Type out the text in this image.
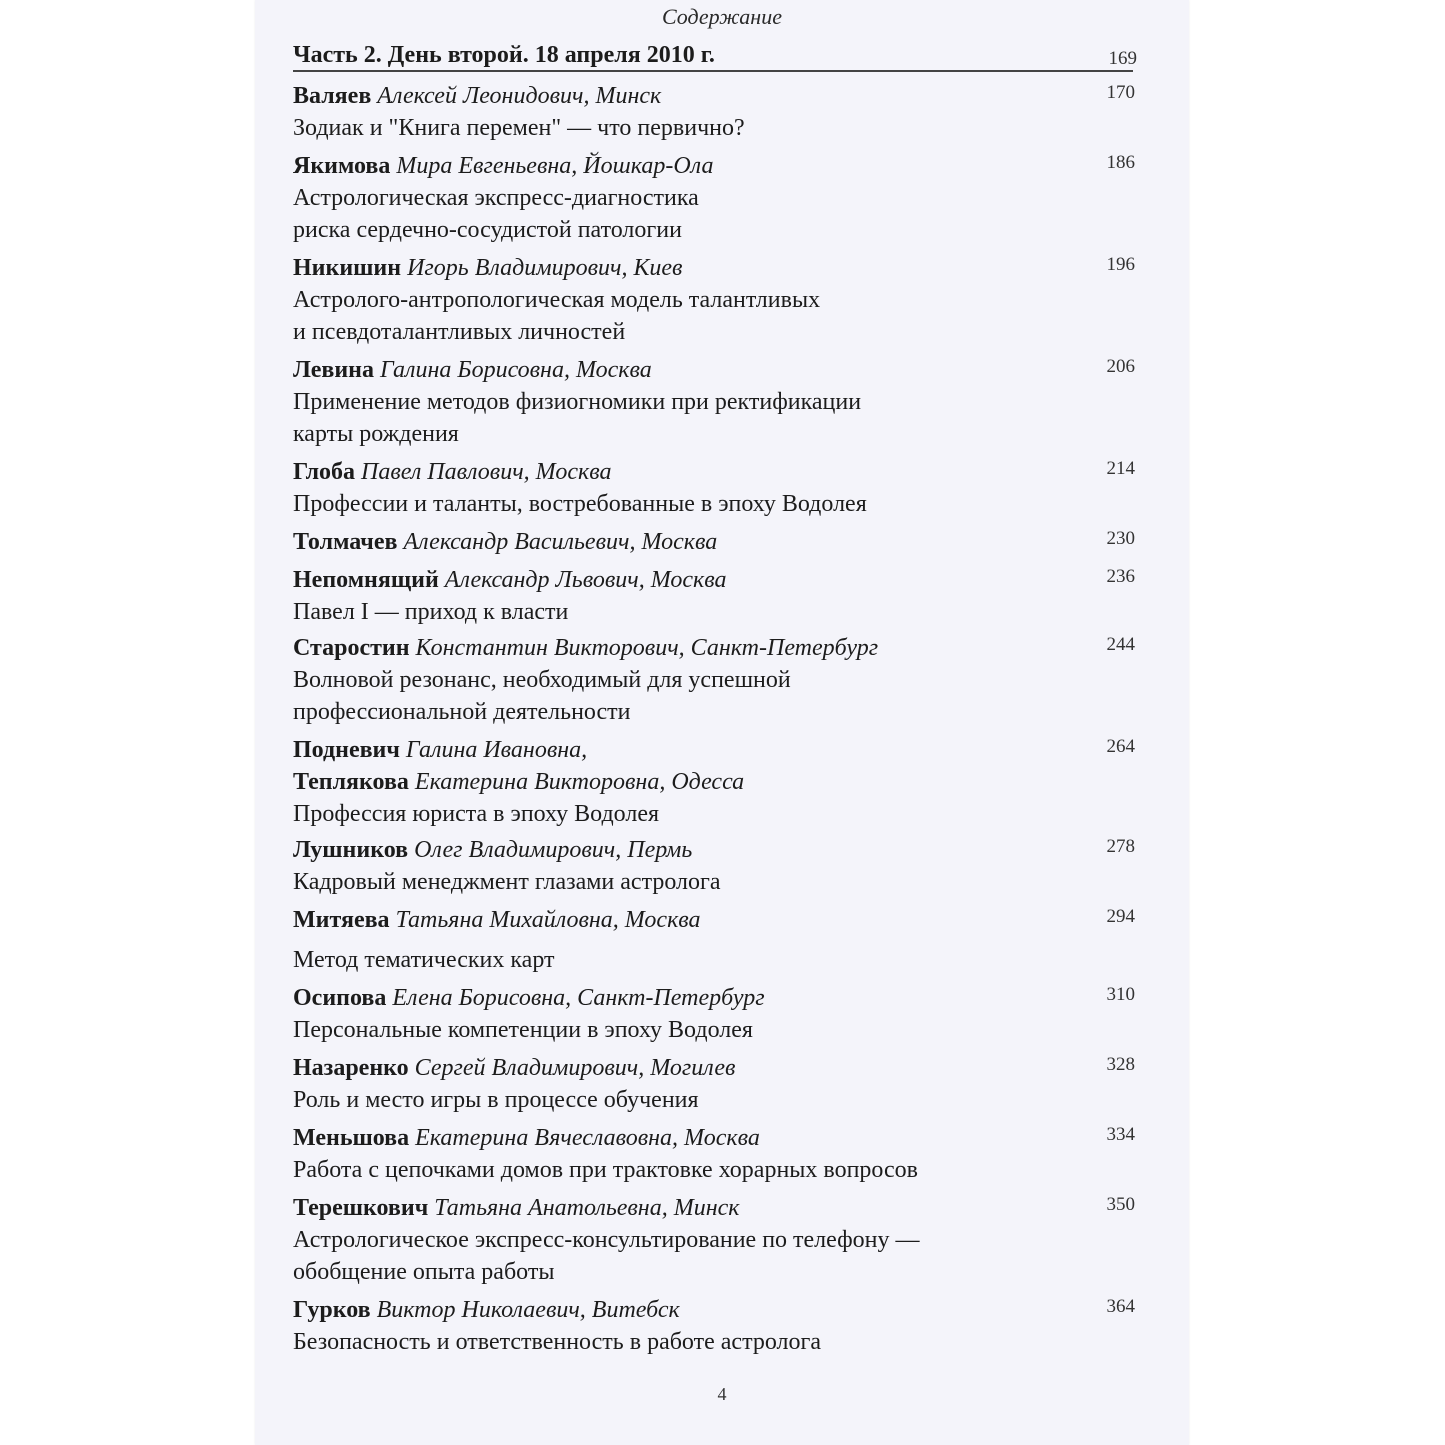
Содержание
Часть 2. День второй. 18 апреля 2010 г.	169
Валяев Алексей Леонидович, Минск	170
Зодиак и "Книга перемен" — что первично?
Якимова Мира Евгеньевна, Йошкар-Ола	186
Астрологическая экспресс-диагностика
риска сердечно-сосудистой патологии
Никишин Игорь Владимирович, Киев	196
Астролого-антропологическая модель талантливых
и псевдоталантливых личностей
Левина Галина Борисовна, Москва	206
Применение методов физиогномики при ректификации
карты рождения
Глоба Павел Павлович, Москва	214
Профессии и таланты, востребованные в эпоху Водолея
Толмачев Александр Васильевич, Москва	230
Непомнящий Александр Львович, Москва	236
Павел I — приход к власти
Старостин Константин Викторович, Санкт-Петербург	244
Волновой резонанс, необходимый для успешной
профессиональной деятельности
Подневич Галина Ивановна,	264
Теплякова Екатерина Викторовна, Одесса
Профессия юриста в эпоху Водолея
Лушников Олег Владимирович, Пермь	278
Кадровый менеджмент глазами астролога
Митяева Татьяна Михайловна, Москва	294
Метод тематических карт
Осипова Елена Борисовна, Санкт-Петербург	310
Персональные компетенции в эпоху Водолея
Назаренко Сергей Владимирович, Могилев	328
Роль и место игры в процессе обучения
Меньшова Екатерина Вячеславовна, Москва	334
Работа с цепочками домов при трактовке хорарных вопросов
Терешкович Татьяна Анатольевна, Минск	350
Астрологическое экспресс-консультирование по телефону —
обобщение опыта работы
Гурков Виктор Николаевич, Витебск	364
Безопасность и ответственность в работе астролога
4
